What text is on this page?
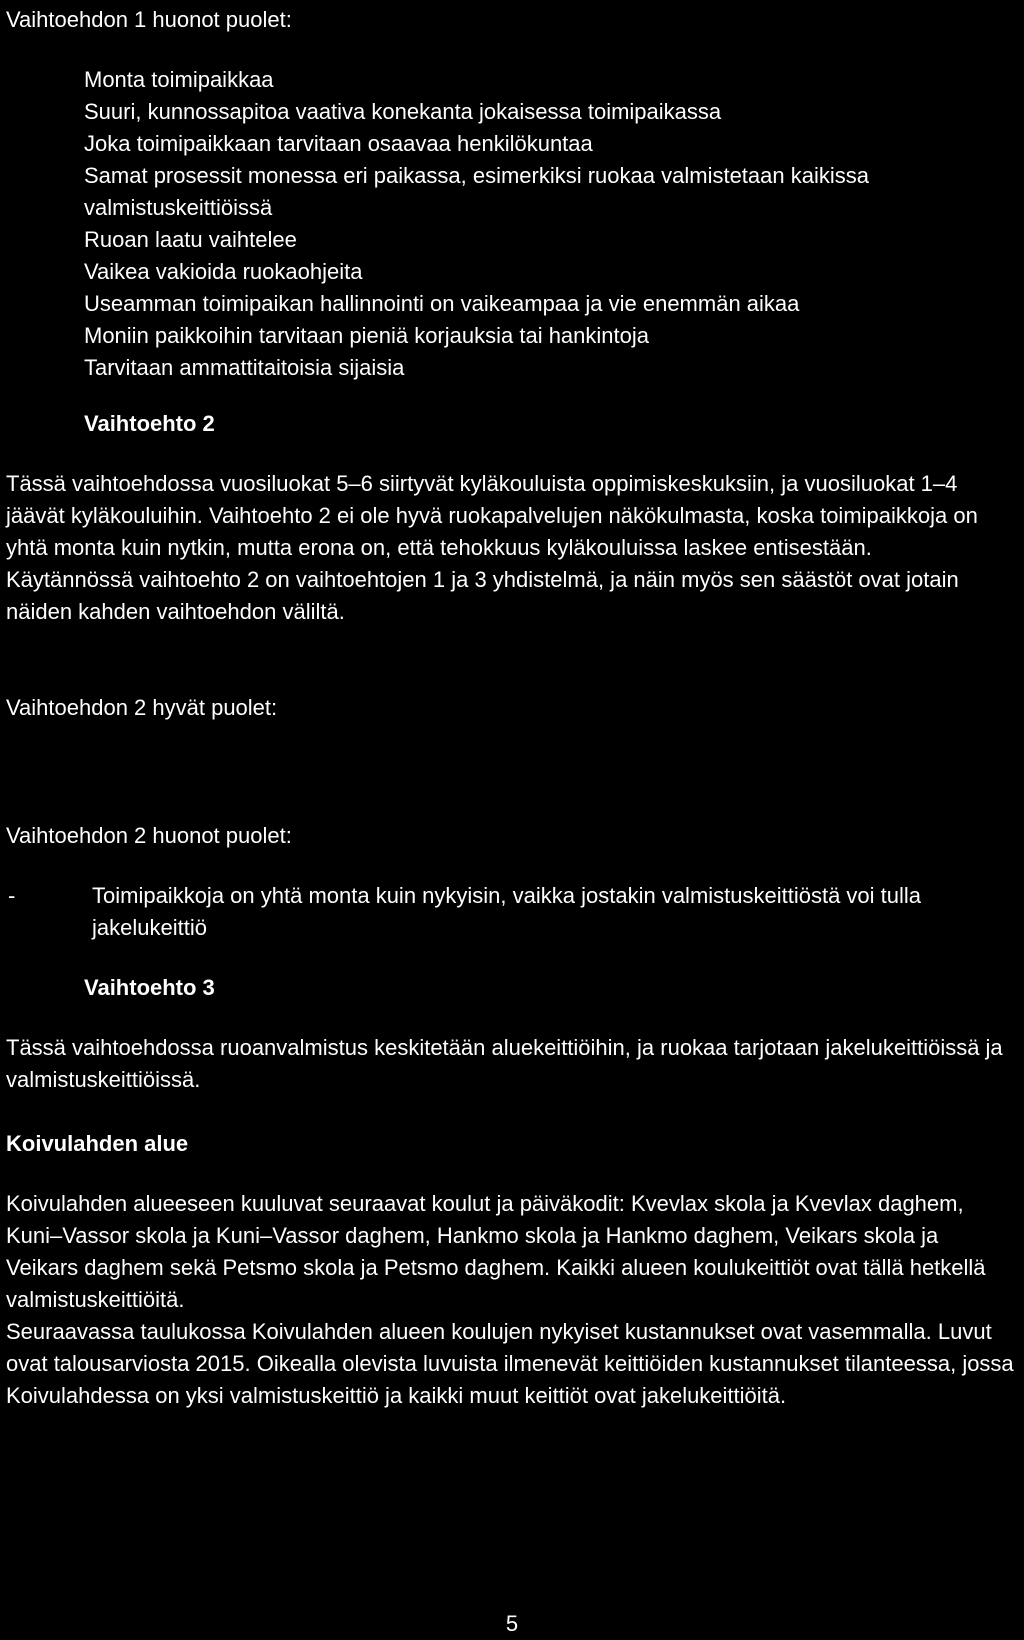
Vaihtoehdon 1 huonot puolet:
Monta toimipaikkaa
Suuri, kunnossapitoa vaativa konekanta jokaisessa toimipaikassa
Joka toimipaikkaan tarvitaan osaavaa henkilökuntaa
Samat prosessit monessa eri paikassa, esimerkiksi ruokaa valmistetaan kaikissa valmistuskeittiöissä
Ruoan laatu vaihtelee
Vaikea vakioida ruokaohjeita
Useamman toimipaikan hallinnointi on vaikeampaa ja vie enemmän aikaa
Moniin paikkoihin tarvitaan pieniä korjauksia tai hankintoja
Tarvitaan ammattitaitoisia sijaisia
Vaihtoehto 2
Tässä vaihtoehdossa vuosiluokat 5–6 siirtyvät kyläkouluista oppimiskeskuksiin, ja vuosiluokat 1–4 jäävät kyläkouluihin. Vaihtoehto 2 ei ole hyvä ruokapalvelujen näkökulmasta, koska toimipaikkoja on yhtä monta kuin nytkin, mutta erona on, että tehokkuus kyläkouluissa laskee entisestään.
Käytännössä vaihtoehto 2 on vaihtoehtojen 1 ja 3 yhdistelmä, ja näin myös sen säästöt ovat jotain näiden kahden vaihtoehdon väliltä.
Vaihtoehdon 2 hyvät puolet:
Vaihtoehdon 2 huonot puolet:
-	Toimipaikkoja on yhtä monta kuin nykyisin, vaikka jostakin valmistuskeittiöstä voi tulla jakelukeittiö
Vaihtoehto 3
Tässä vaihtoehdossa ruoanvalmistus keskitetään aluekeittiöihin, ja ruokaa tarjotaan jakelukeittiöissä ja valmistuskeittiöissä.
Koivulahden alue
Koivulahden alueeseen kuuluvat seuraavat koulut ja päiväkodit: Kvevlax skola ja Kvevlax daghem, Kuni–Vassor skola ja Kuni–Vassor daghem, Hankmo skola ja Hankmo daghem, Veikars skola ja Veikars daghem sekä Petsmo skola ja Petsmo daghem. Kaikki alueen koulukeittiöt ovat tällä hetkellä valmistuskeittiöitä.
Seuraavassa taulukossa Koivulahden alueen koulujen nykyiset kustannukset ovat vasemmalla. Luvut ovat talousarviosta 2015. Oikealla olevista luvuista ilmenevät keittiöiden kustannukset tilanteessa, jossa Koivulahdessa on yksi valmistuskeittiö ja kaikki muut keittiöt ovat jakelukeittiöitä.
5
